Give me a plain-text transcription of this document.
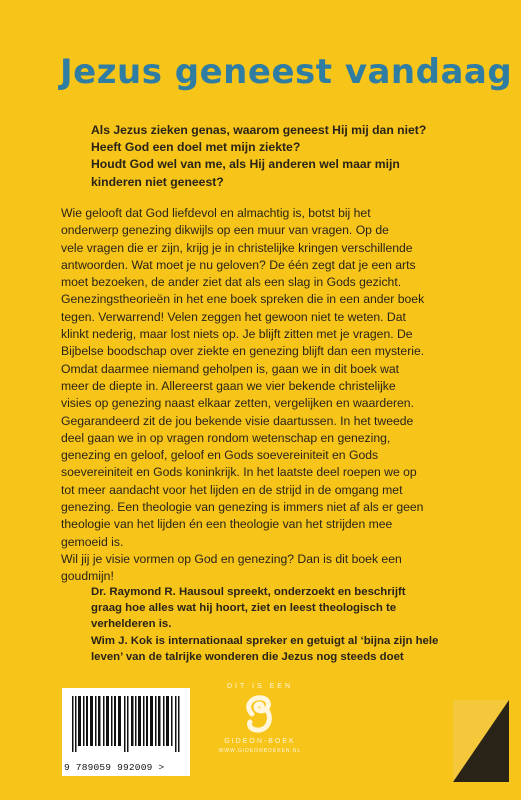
Jezus geneest vandaag
Als Jezus zieken genas, waarom geneest Hij mij dan niet?
Heeft God een doel met mijn ziekte?
Houdt God wel van me, als Hij anderen wel maar mijn
kinderen niet geneest?
Wie gelooft dat God liefdevol en almachtig is, botst bij het
onderwerp genezing dikwijls op een muur van vragen. Op de
vele vragen die er zijn, krijg je in christelijke kringen verschillende
antwoorden. Wat moet je nu geloven? De één zegt dat je een arts
moet bezoeken, de ander ziet dat als een slag in Gods gezicht.
Genezingstheorieën in het ene boek spreken die in een ander boek
tegen. Verwarrend! Velen zeggen het gewoon niet te weten. Dat
klinkt nederig, maar lost niets op. Je blijft zitten met je vragen. De
Bijbelse boodschap over ziekte en genezing blijft dan een mysterie.
Omdat daarmee niemand geholpen is, gaan we in dit boek wat
meer de diepte in. Allereerst gaan we vier bekende christelijke
visies op genezing naast elkaar zetten, vergelijken en waarderen.
Gegarandeerd zit de jou bekende visie daartussen. In het tweede
deel gaan we in op vragen rondom wetenschap en genezing,
genezing en geloof, geloof en Gods soevereiniteit en Gods
soevereiniteit en Gods koninkrijk. In het laatste deel roepen we op
tot meer aandacht voor het lijden en de strijd in de omgang met
genezing. Een theologie van genezing is immers niet af als er geen
theologie van het lijden én een theologie van het strijden mee
gemoeid is.
Wil jij je visie vormen op God en genezing? Dan is dit boek een
goudmijn!
Dr. Raymond R. Hausoul spreekt, onderzoekt en beschrijft
graag hoe alles wat hij hoort, ziet en leest theologisch te
verhelderen is.
Wim J. Kok is internationaal spreker en getuigt al ‘bijna zijn hele
leven’ van de talrijke wonderen die Jezus nog steeds doet
9 789059 992009 >
DIT IS EEN
GIDEON-BOEK
WWW.GIDEONBOEKEN.NL
